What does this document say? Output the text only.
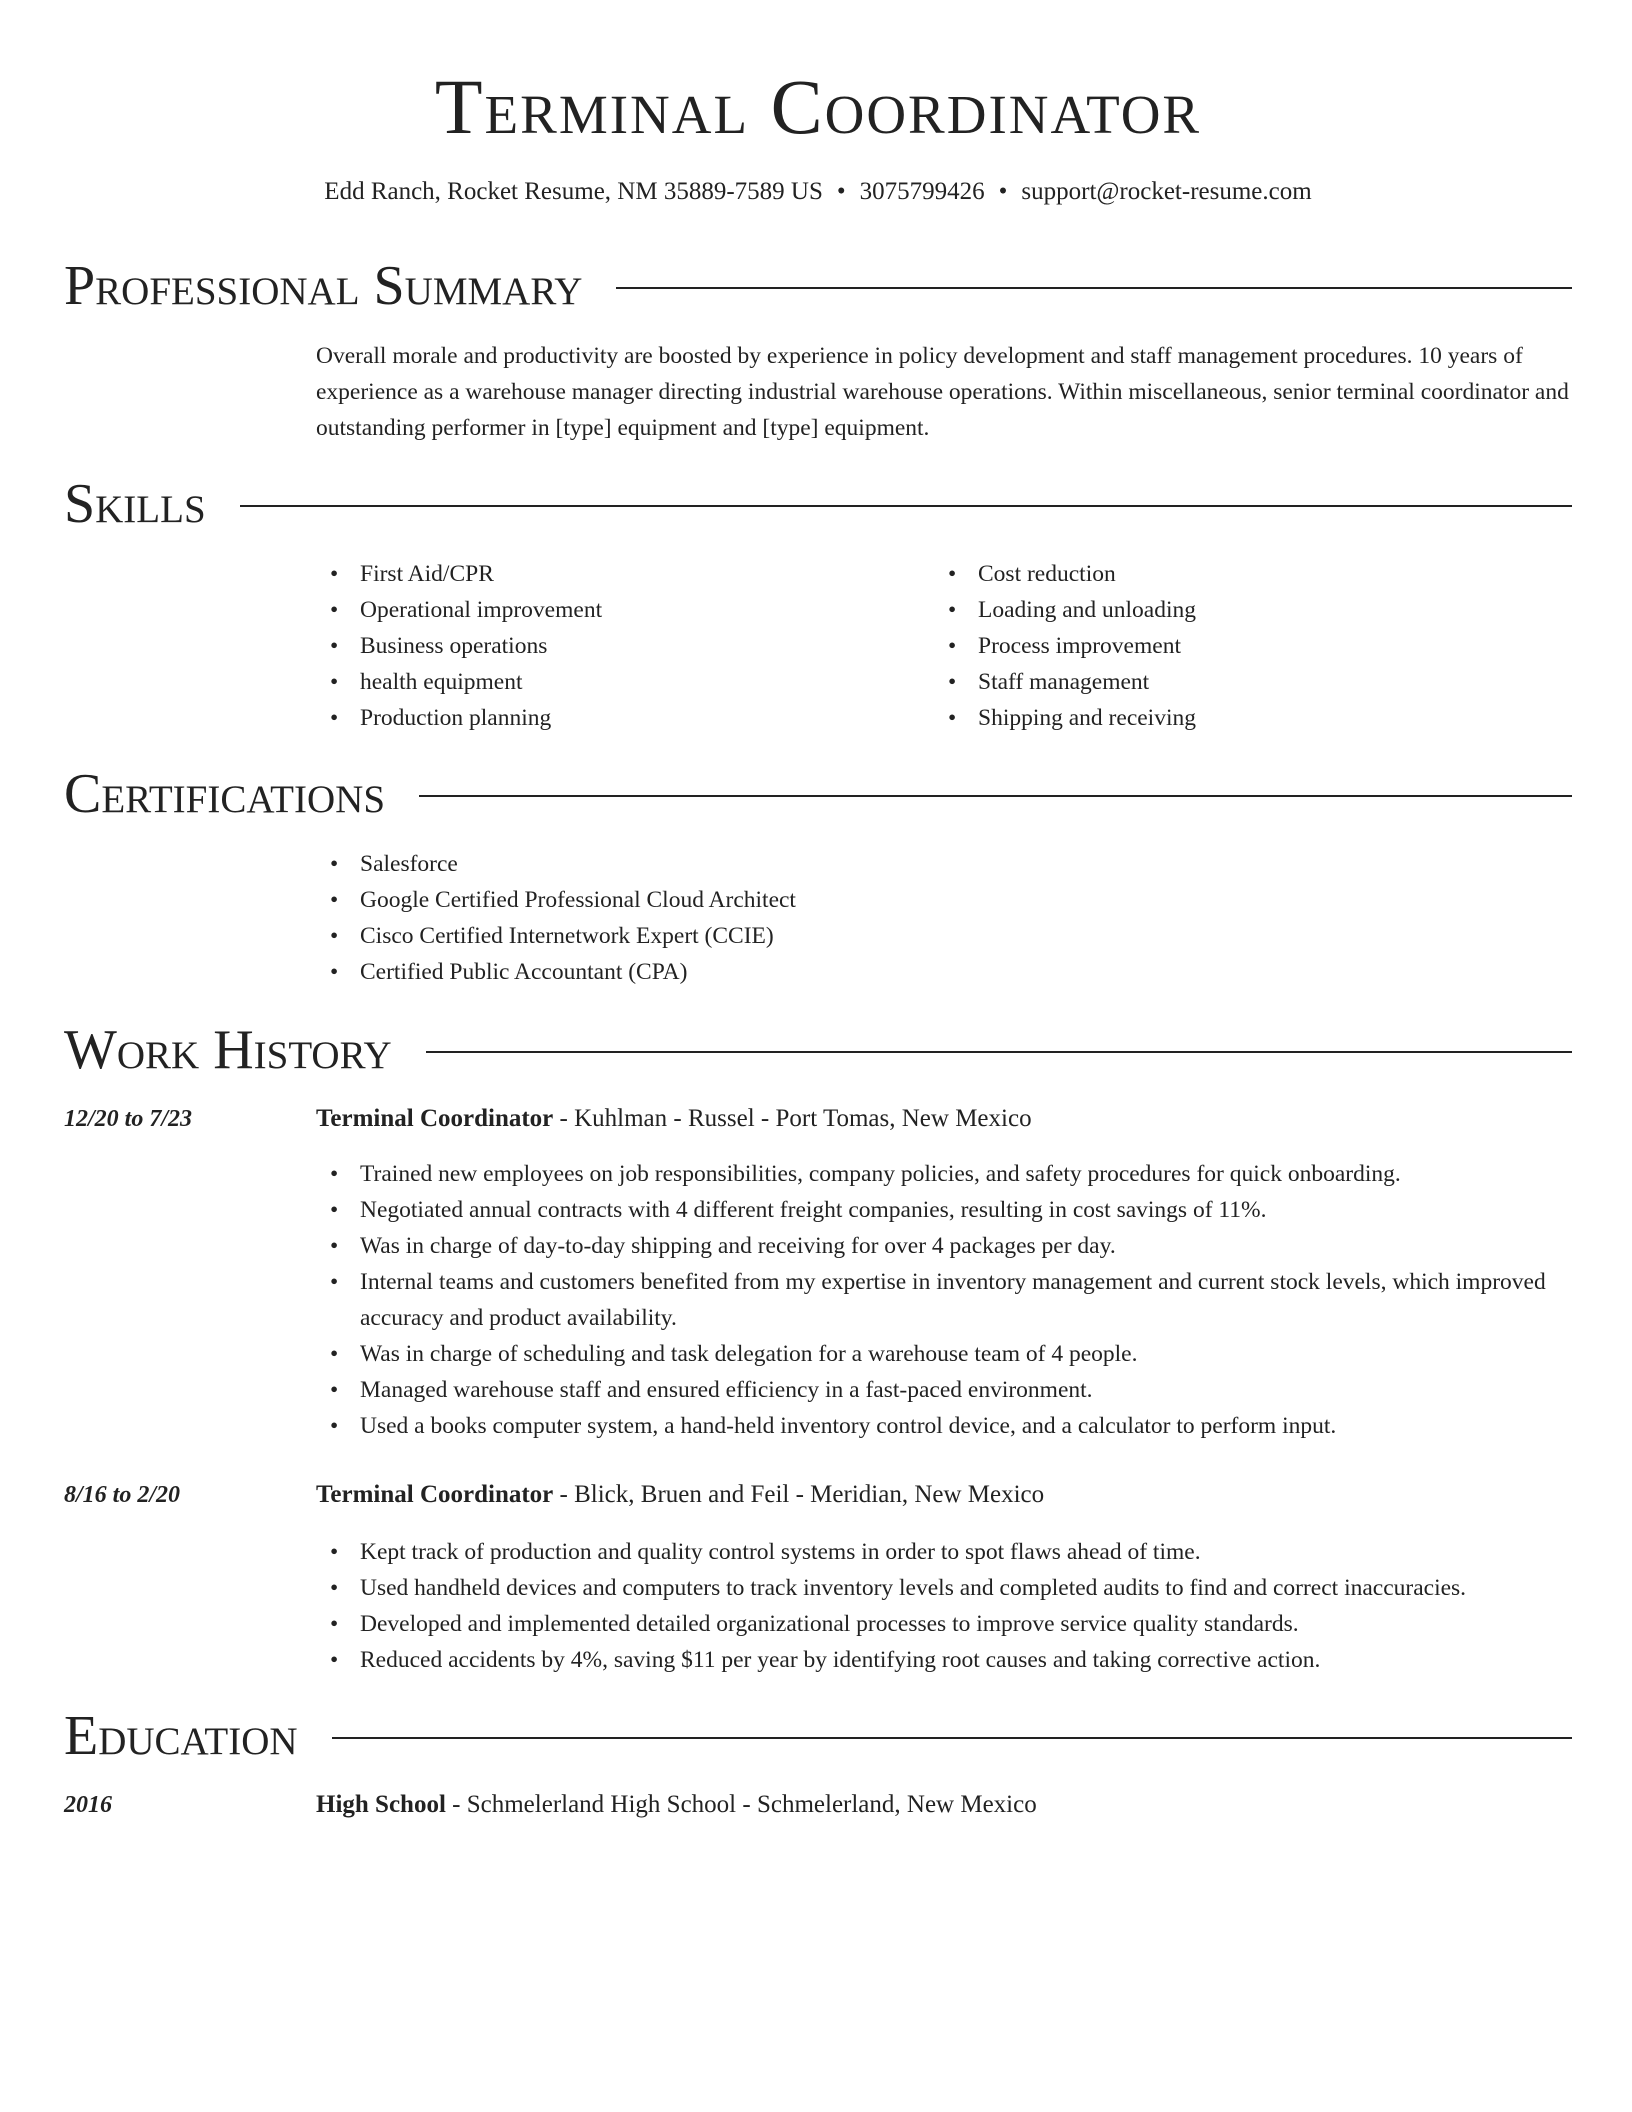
Terminal Coordinator
Edd Ranch, Rocket Resume, NM 35889-7589 US • 3075799426 • support@rocket-resume.com
Professional Summary

Overall morale and productivity are boosted by experience in policy development and staff management procedures. 10 years of experience as a warehouse manager directing industrial warehouse operations. Within miscellaneous, senior terminal coordinator and outstanding performer in [type] equipment and [type] equipment.

Skills
• First Aid/CPR
• Operational improvement
• Business operations
• health equipment
• Production planning
• Cost reduction
• Loading and unloading
• Process improvement
• Staff management
• Shipping and receiving
Certifications
• Salesforce
• Google Certified Professional Cloud Architect
• Cisco Certified Internetwork Expert (CCIE)
• Certified Public Accountant (CPA)
Work History
12/20 to 7/23	Terminal Coordinator - Kuhlman - Russel - Port Tomas, New Mexico
• Trained new employees on job responsibilities, company policies, and safety procedures for quick onboarding.
• Negotiated annual contracts with 4 different freight companies, resulting in cost savings of 11%.
• Was in charge of day-to-day shipping and receiving for over 4 packages per day.
• Internal teams and customers benefited from my expertise in inventory management and current stock levels, which improved accuracy and product availability.
• Was in charge of scheduling and task delegation for a warehouse team of 4 people.
• Managed warehouse staff and ensured efficiency in a fast-paced environment.
• Used a books computer system, a hand-held inventory control device, and a calculator to perform input.
8/16 to 2/20	Terminal Coordinator - Blick, Bruen and Feil - Meridian, New Mexico
• Kept track of production and quality control systems in order to spot flaws ahead of time.
• Used handheld devices and computers to track inventory levels and completed audits to find and correct inaccuracies.
• Developed and implemented detailed organizational processes to improve service quality standards.
• Reduced accidents by 4%, saving $11 per year by identifying root causes and taking corrective action.
Education
2016	High School - Schmelerland High School - Schmelerland, New Mexico
